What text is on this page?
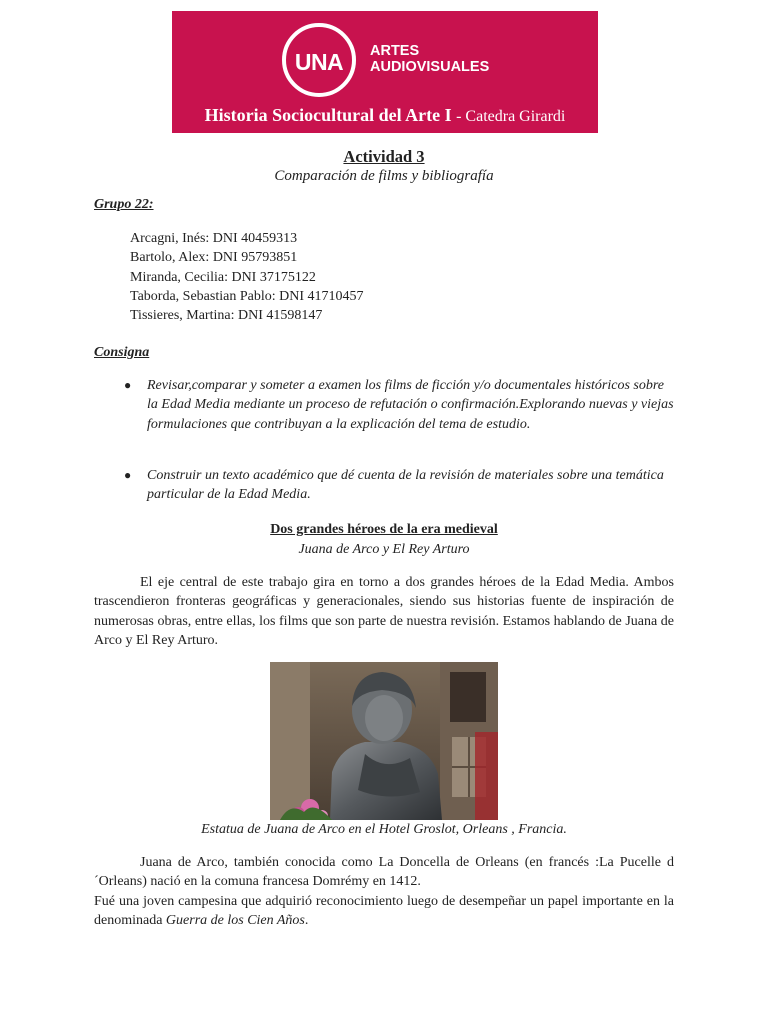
UNA	ARTES
AUDIOVISUALES
Historia Sociocultural del Arte I - Catedra Girardi
Actividad 3
Comparación de films y bibliografía
Grupo 22:
Arcagni, Inés: DNI 40459313
Bartolo, Alex: DNI 95793851
Miranda, Cecilia: DNI 37175122
Taborda, Sebastian Pablo: DNI 41710457
Tissieres, Martina: DNI 41598147
Consigna
● Revisar,comparar y someter a examen los films de ficción y/o documentales históricos sobre la Edad Media mediante un proceso de refutación o confirmación.Explorando nuevas y viejas formulaciones que contribuyan a la explicación del tema de estudio.
● Construir un texto académico que dé cuenta de la revisión de materiales sobre una temática particular de la Edad Media.
Dos grandes héroes de la era medieval
Juana de Arco y El Rey Arturo
El eje central de este trabajo gira en torno a dos grandes héroes de la Edad Media. Ambos trascendieron fronteras geográficas y generacionales, siendo sus historias fuente de inspiración de numerosas obras, entre ellas, los films que son parte de nuestra revisión. Estamos hablando de Juana de Arco y El Rey Arturo.
Estatua de Juana de Arco en el Hotel Groslot, Orleans , Francia.
Juana de Arco, también conocida como La Doncella de Orleans (en francés :La Pucelle d´Orleans) nació en la comuna francesa Domrémy en 1412.
Fué una joven campesina que adquirió reconocimiento luego de desempeñar un papel importante en la denominada Guerra de los Cien Años.
